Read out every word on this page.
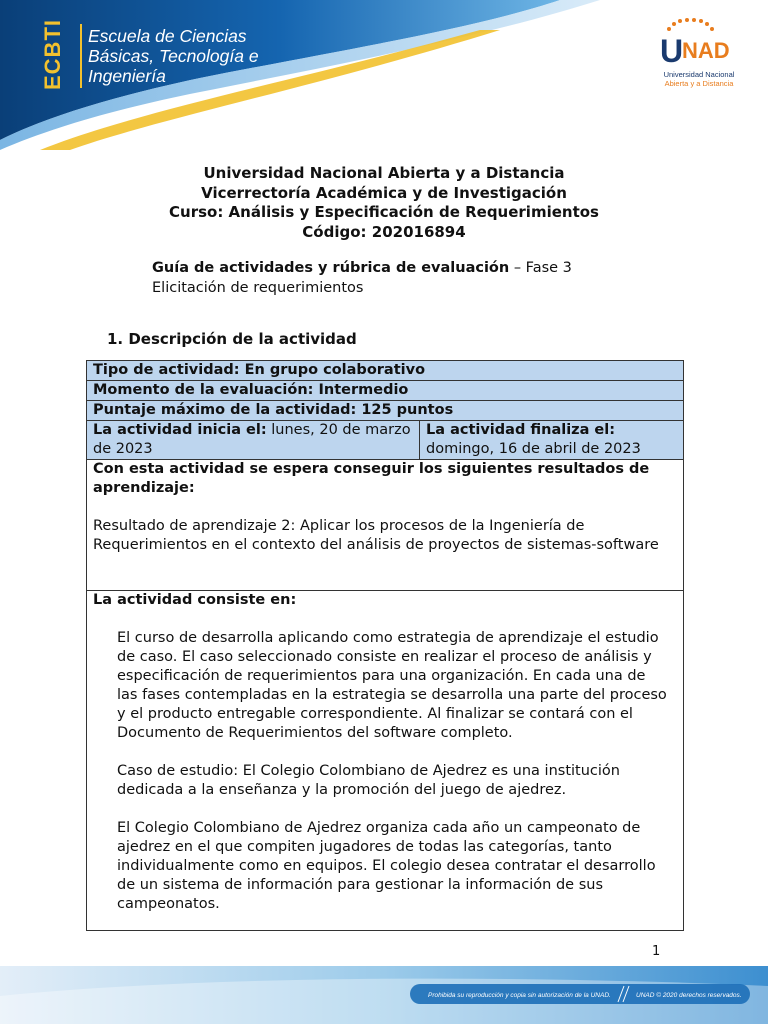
ECBTI Escuela de Ciencias
Básicas, Tecnología e
Ingeniería
U
NAD
Universidad Nacional
Abierta y a Distancia
Universidad Nacional Abierta y a Distancia
Vicerrectoría Académica y de Investigación
Curso: Análisis y Especificación de Requerimientos
Código: 202016894
Guía de actividades y rúbrica de evaluación – Fase 3
Elicitación de requerimientos
1. Descripción de la actividad
Tipo de actividad: En grupo colaborativo
Momento de la evaluación: Intermedio
Puntaje máximo de la actividad: 125 puntos
La actividad inicia el: lunes, 20 de marzo de 2023	La actividad finaliza el:
domingo, 16 de abril de 2023
Con esta actividad se espera conseguir los siguientes resultados de aprendizaje:

Resultado de aprendizaje 2: Aplicar los procesos de la Ingeniería de Requerimientos en el contexto del análisis de proyectos de sistemas-software

La actividad consiste en:

El curso de desarrolla aplicando como estrategia de aprendizaje el estudio de caso. El caso seleccionado consiste en realizar el proceso de análisis y especificación de requerimientos para una organización. En cada una de las fases contempladas en la estrategia se desarrolla una parte del proceso y el producto entregable correspondiente. Al finalizar se contará con el Documento de Requerimientos del software completo.

Caso de estudio: El Colegio Colombiano de Ajedrez es una institución dedicada a la enseñanza y la promoción del juego de ajedrez.

El Colegio Colombiano de Ajedrez organiza cada año un campeonato de ajedrez en el que compiten jugadores de todas las categorías, tanto individualmente como en equipos. El colegio desea contratar el desarrollo de un sistema de información para gestionar la información de sus campeonatos.

1
Prohibida su reproducción y copia sin autorización de la UNAD.	UNAD © 2020 derechos reservados.
